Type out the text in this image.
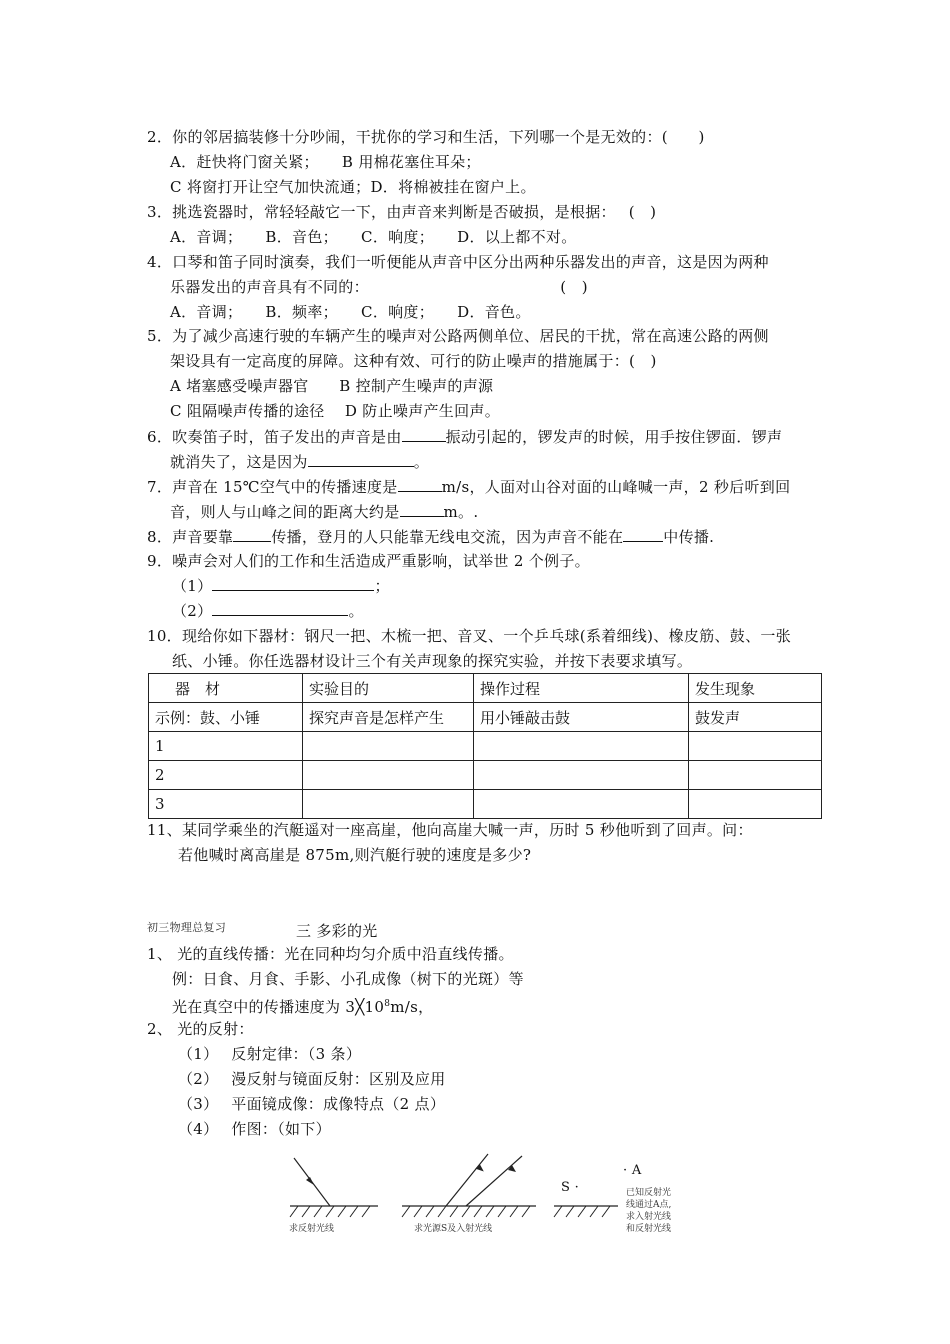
2．你的邻居搞装修十分吵闹，干扰你的学习和生活，下列哪一个是无效的：(　　)
A．赶快将门窗关紧；　　B 用棉花塞住耳朵；
C 将窗打开让空气加快流通；D．将棉被挂在窗户上。
3．挑选瓷器时，常轻轻敲它一下，由声音来判断是否破损，是根据：　 (　)
A．音调；　　B．音色；　　C．响度；　　D．以上都不对。
4．口琴和笛子同时演奏，我们一听便能从声音中区分出两种乐器发出的声音，这是因为两种
乐器发出的声音具有不同的：　　　　　　　　　　　　　(　)
A．音调；　　B．频率；　　C．响度；　　D．音色。
5．为了减少高速行驶的车辆产生的噪声对公路两侧单位、居民的干扰，常在高速公路的两侧
架设具有一定高度的屏障。这种有效、可行的防止噪声的措施属于：(　)
A 堵塞感受噪声器官　　B 控制产生噪声的声源
C 阻隔噪声传播的途径　 D 防止噪声产生回声。
6．吹奏笛子时，笛子发出的声音是由	振动引起的，锣发声的时候，用手按住锣面．锣声
就消失了，这是因为	。
7．声音在 15℃空气中的传播速度是	m/s，人面对山谷对面的山峰喊一声，2 秒后听到回
音，则人与山峰之间的距离大约是	m。.
8．声音要靠	传播，登月的人只能靠无线电交流，因为声音不能在	中传播.
9．噪声会对人们的工作和生活造成严重影响，试举世 2 个例子。
（1）	；
（2）	。
10．现给你如下器材：钢尺一把、木梳一把、音叉、一个乒乓球(系着细线)、橡皮筋、鼓、一张
纸、小锤。你任选器材设计三个有关声现象的探究实验，并按下表要求填写。
器　材	实验目的	操作过程	发生现象
示例：鼓、小锤	探究声音是怎样产生	用小锤敲击鼓	鼓发声
1			
2			
3			
11、某同学乘坐的汽艇遥对一座高崖，他向高崖大喊一声，历时 5 秒他听到了回声。问：
若他喊时离高崖是 875m,则汽艇行驶的速度是多少?
初三物理总复习	三 多彩的光
1、 光的直线传播：光在同种均匀介质中沿直线传播。
例：日食、月食、手影、小孔成像（树下的光斑）等
光在真空中的传播速度为 $3╳10^8m/s$，
2、 光的反射：
（1）　 反射定律：（3 条）
（2）　 漫反射与镜面反射：区别及应用
（3）　 平面镜成像：成像特点（2 点）
（4）　 作图：（如下）
求反射光线	求光源S及入射光线
S ·
· A
已知反射光
线通过A点,
求入射光线
和反射光线
